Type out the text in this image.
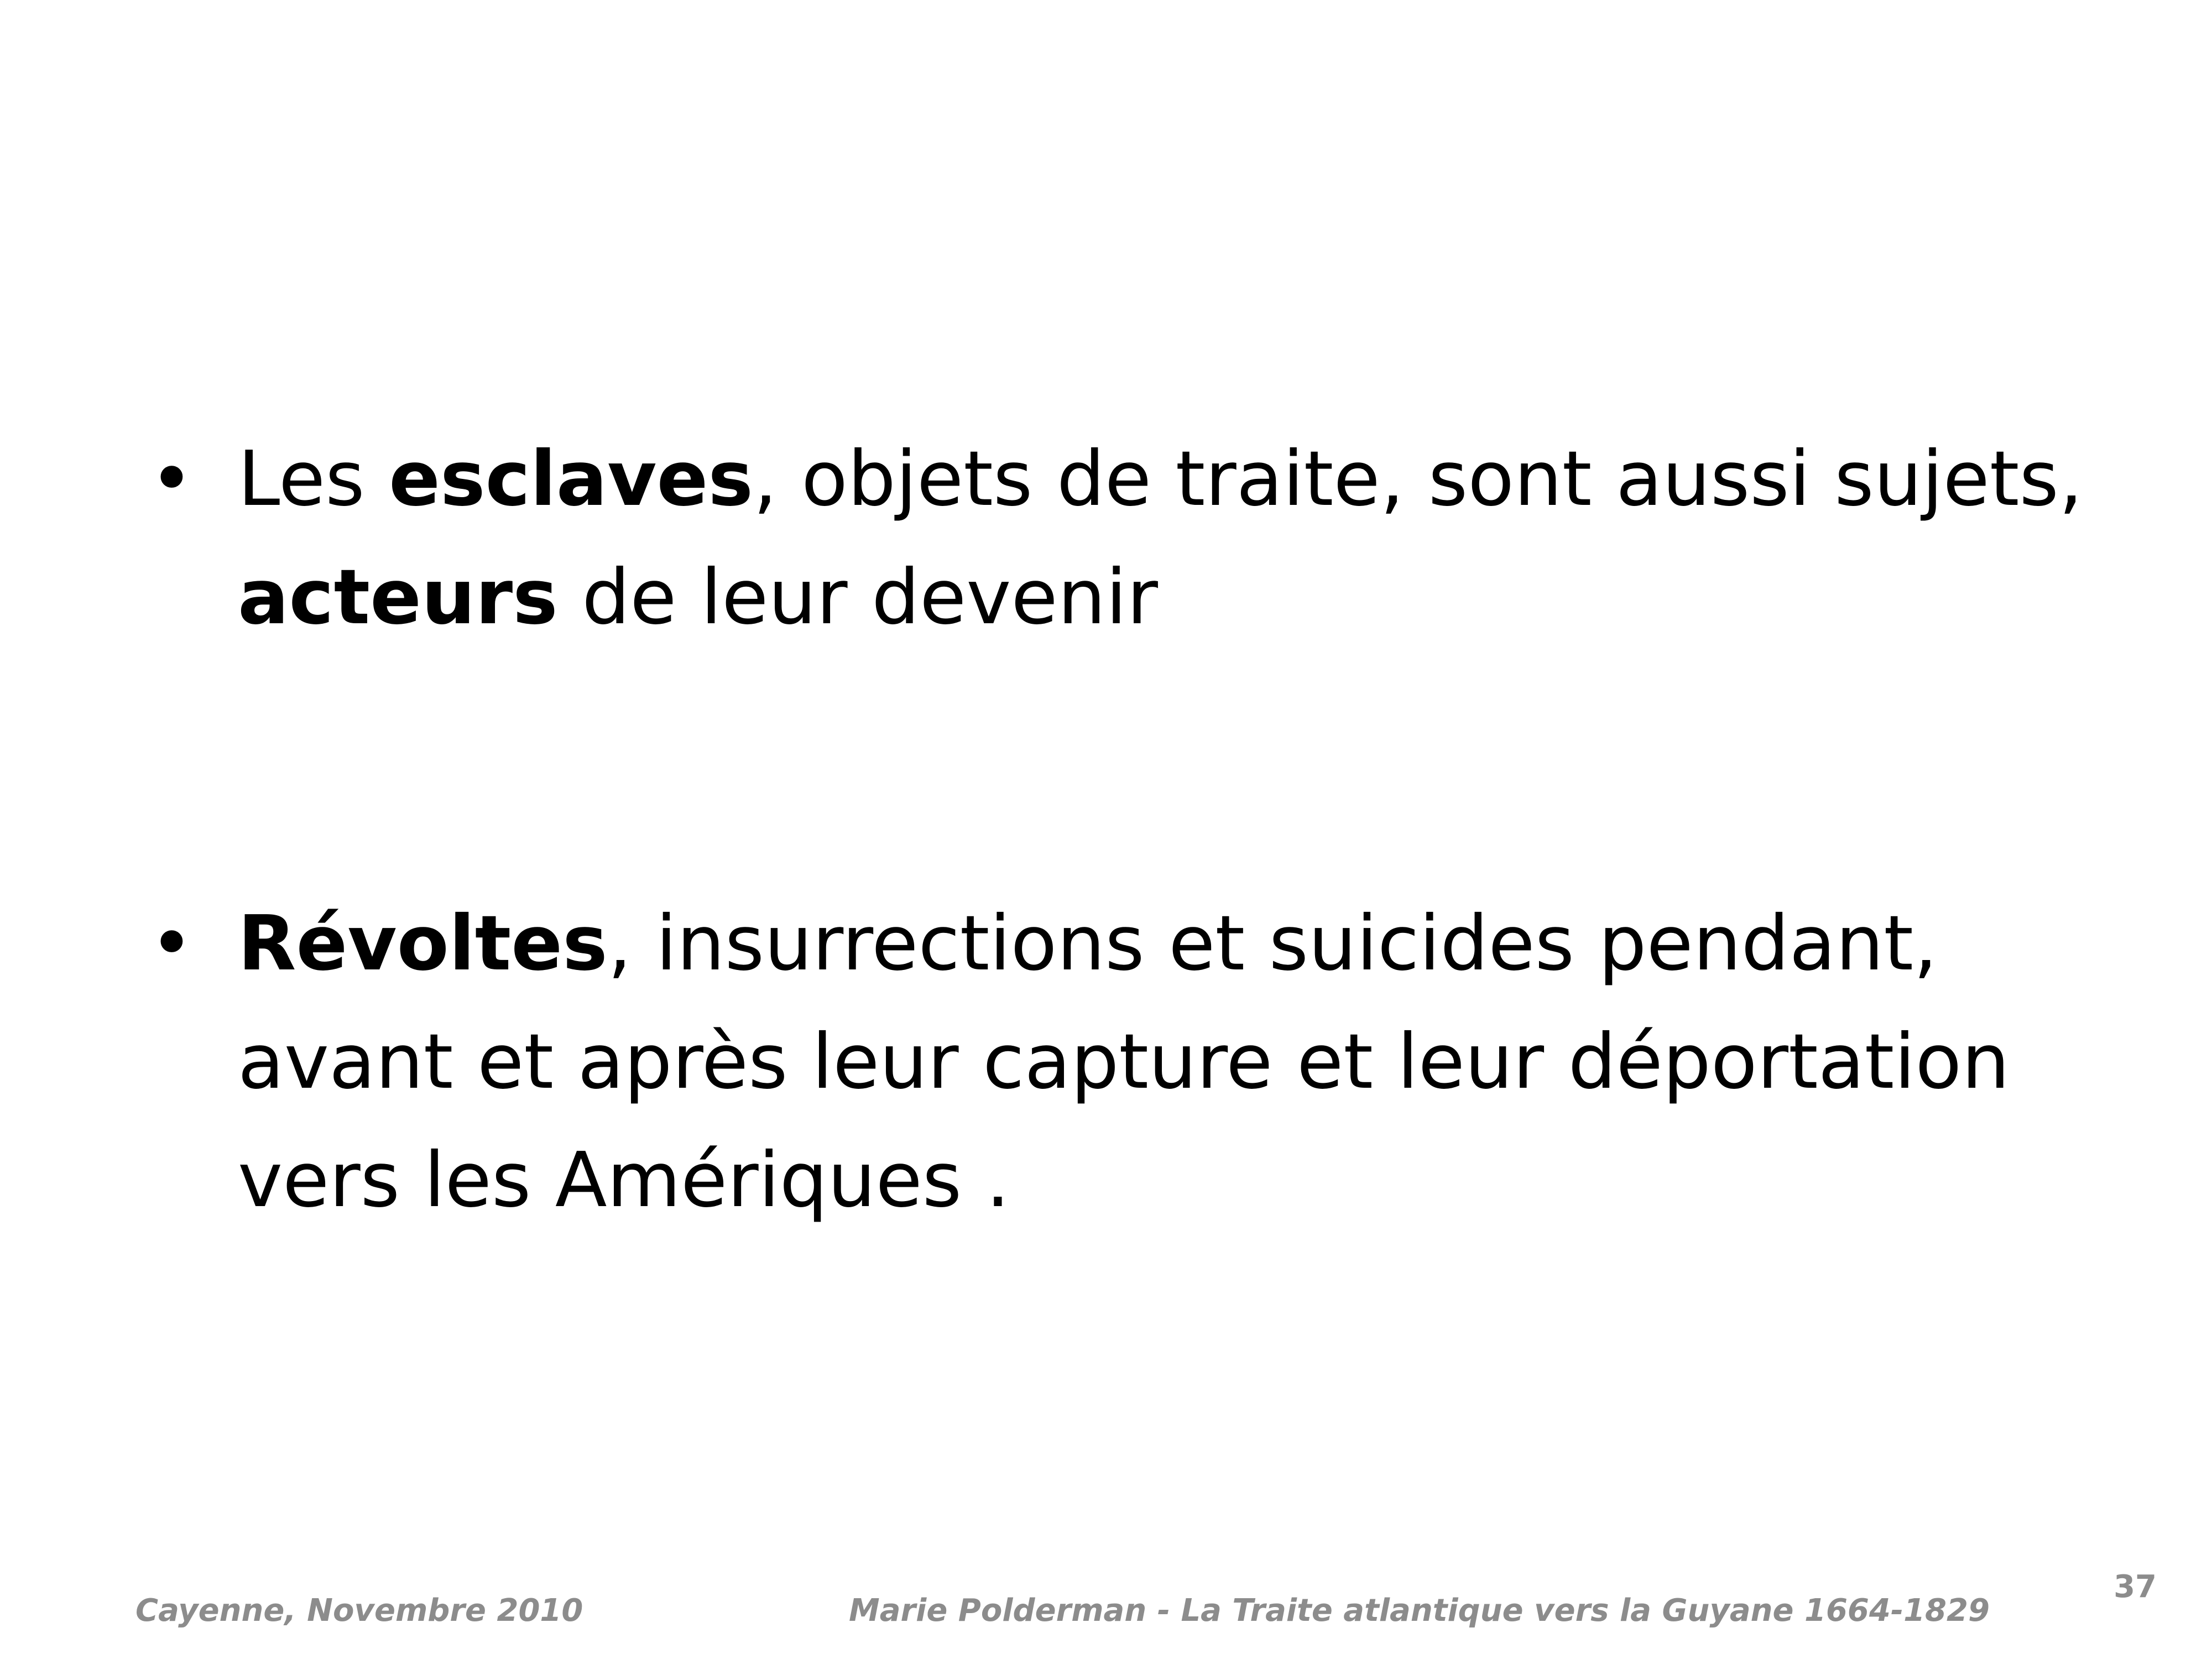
• Les esclaves, objets de traite, sont aussi sujets, acteurs de leur devenir
• Révoltes, insurrections et suicides pendant, avant et après leur capture et leur déportation vers les Amériques .
Cayenne, Novembre 2010	Marie Polderman - La Traite atlantique vers la Guyane 1664-1829
37
